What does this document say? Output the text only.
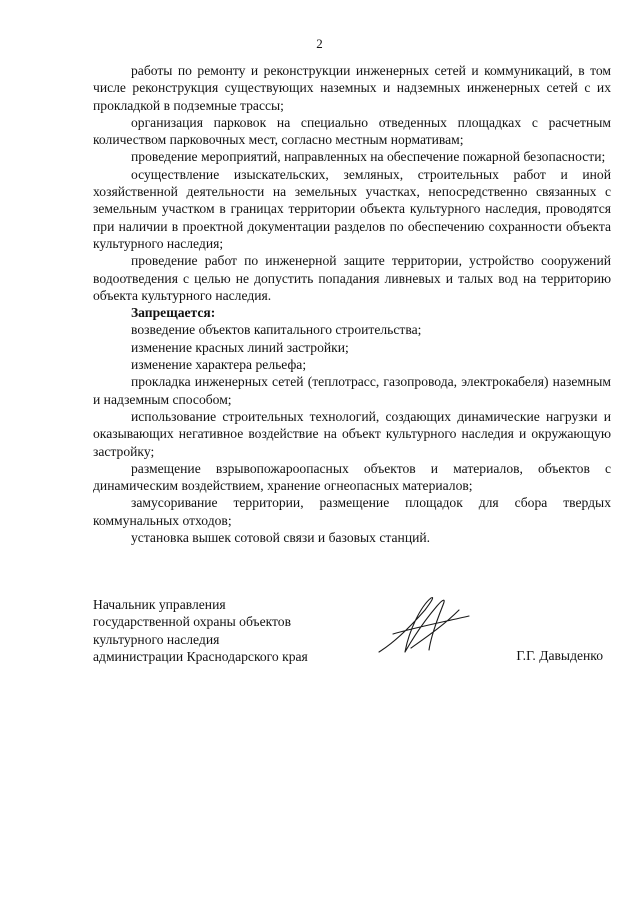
2

работы по ремонту и реконструкции инженерных сетей и коммуникаций, в том числе реконструкция существующих наземных и надземных инженерных сетей с их прокладкой в подземные трассы;

организация парковок на специально отведенных площадках с расчетным количеством парковочных мест, согласно местным нормативам;

проведение мероприятий, направленных на обеспечение пожарной безопасности;

осуществление изыскательских, земляных, строительных работ и иной хозяйственной деятельности на земельных участках, непосредственно связанных с земельным участком в границах территории объекта культурного наследия, проводятся при наличии в проектной документации разделов по обеспечению сохранности объекта культурного наследия;

проведение работ по инженерной защите территории, устройство сооружений водоотведения с целью не допустить попадания ливневых и талых вод на территорию объекта культурного наследия.

Запрещается:

возведение объектов капитального строительства;

изменение красных линий застройки;

изменение характера рельефа;

прокладка инженерных сетей (теплотрасс, газопровода, электрокабеля) наземным и надземным способом;

использование строительных технологий, создающих динамические нагрузки и оказывающих негативное воздействие на объект культурного наследия и окружающую застройку;

размещение взрывопожароопасных объектов и материалов, объектов с динамическим воздействием, хранение огнеопасных материалов;

замусоривание территории, размещение площадок для сбора твердых коммунальных отходов;

установка вышек сотовой связи и базовых станций.

Начальник управления
государственной охраны объектов
культурного наследия
администрации Краснодарского края	Г.Г. Давыденко
